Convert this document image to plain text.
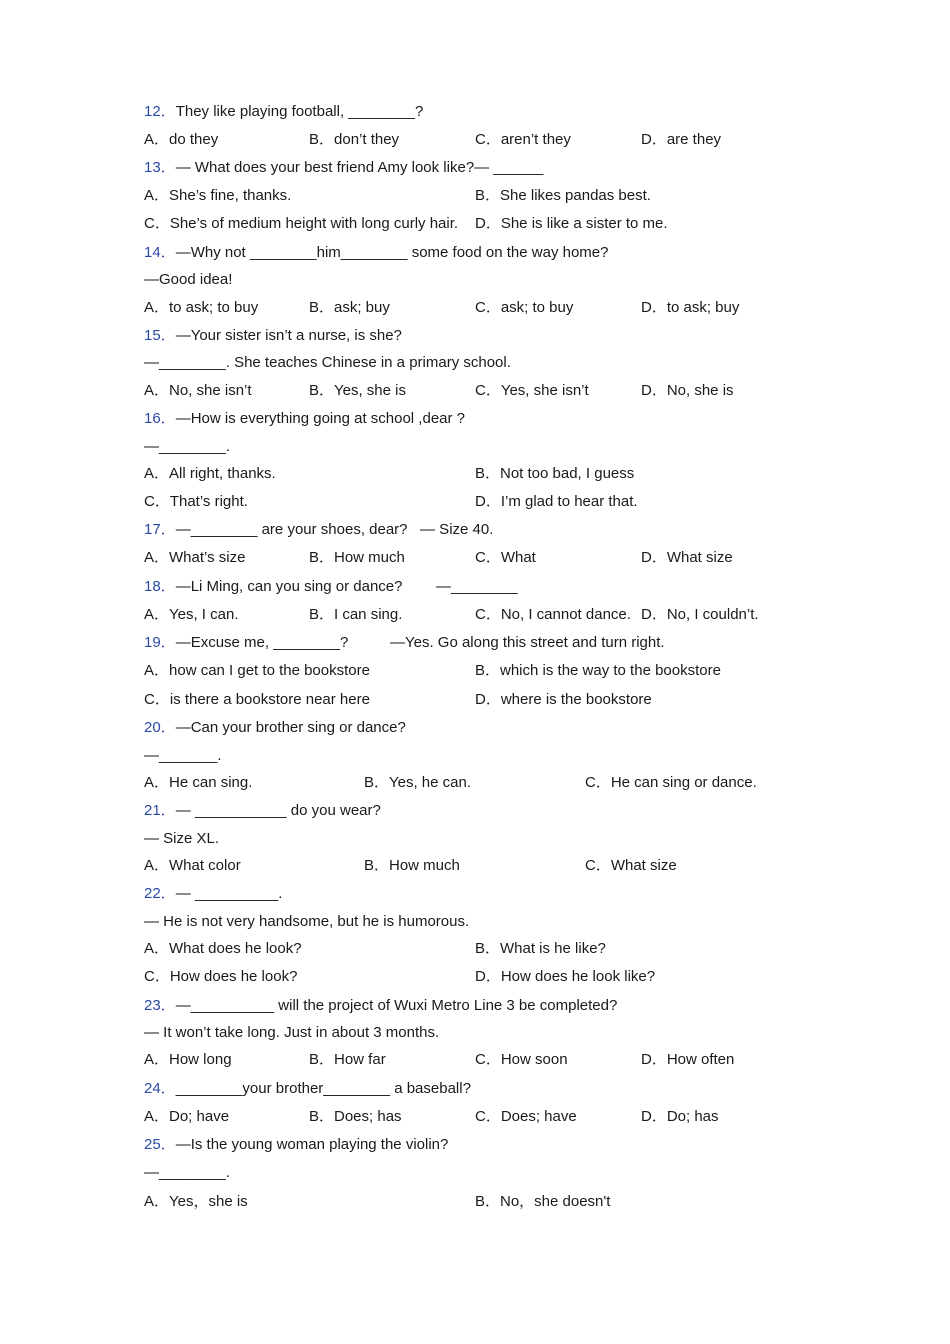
12．They like playing football, ________?
A．do they	B．don’t they	C．aren’t they	D．are they
13．— What does your best friend Amy look like?— ______
A．She’s fine, thanks.	B．She likes pandas best.
C．She’s of medium height with long curly hair. D．She is like a sister to me.
14．—Why not ________him________ some food on the way home?
—Good idea!
A．to ask; to buy	B．ask; buy	C．ask; to buy	D．to ask; buy
15．—Your sister isn’t a nurse, is she?
—________. She teaches Chinese in a primary school.
A．No, she isn’t	B．Yes, she is	C．Yes, she isn’t	D．No, she is
16．—How is everything going at school ,dear ?
—________.
A．All right, thanks.	B．Not too bad, I guess
C．That’s right.	D．I’m glad to hear that.
17．—________ are your shoes, dear?   — Size 40.
A．What’s size	B．How much	C．What	D．What size
18．—Li Ming, can you sing or dance?        —________
A．Yes, I can.	B．I can sing.	C．No, I cannot dance. D．No, I couldn’t.
19．—Excuse me, ________?          —Yes. Go along this street and turn right.
A．how can I get to the bookstore	B．which is the way to the bookstore
C．is there a bookstore near here	D．where is the bookstore
20．—Can your brother sing or dance?
—_______.
A．He can sing.	B．Yes, he can.	C．He can sing or dance.
21．— ___________ do you wear?
— Size XL.
A．What color	B．How much	C．What size
22．— __________.
— He is not very handsome, but he is humorous.
A．What does he look?	B．What is he like?
C．How does he look?	D．How does he look like?
23．—__________ will the project of Wuxi Metro Line 3 be completed?
— It won’t take long. Just in about 3 months.
A．How long	B．How far	C．How soon	D．How often
24．________your brother________ a baseball?
A．Do; have	B．Does; has	C．Does; have	D．Do; has
25．—Is the young woman playing the violin?
—________.
A．Yes，she is	B．No，she doesn't
